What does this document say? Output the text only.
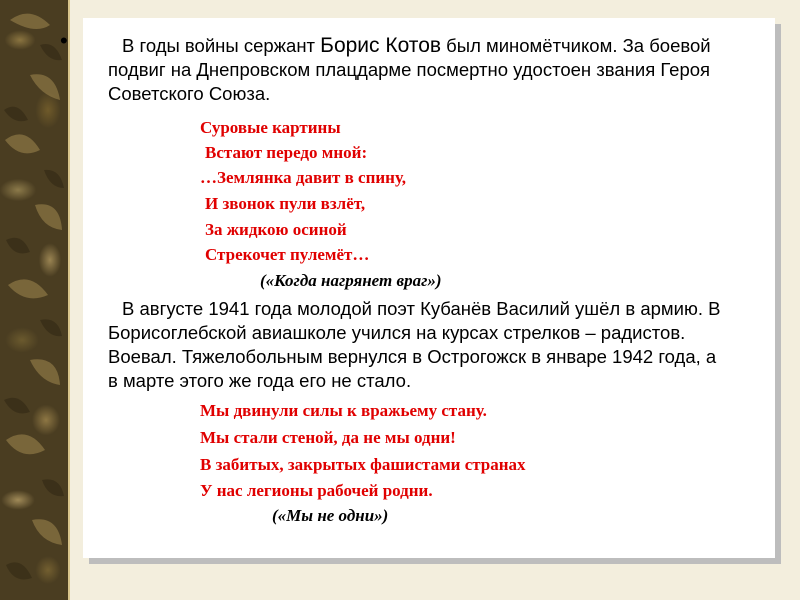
•	В годы войны сержант Борис Котов был миномётчиком. За боевой подвиг на Днепровском плацдарме посмертно удостоен звания Героя Советского Союза.

Суровые картины

Встают передо мной:

…Землянка давит в спину,

И звонок пули взлёт,

За жидкою осиной

Стрекочет пулемёт…

(«Когда нагрянет враг»)

В августе 1941 года молодой поэт Кубанёв Василий ушёл в армию. В Борисоглебской авиашколе учился на курсах стрелков – радистов. Воевал. Тяжелобольным вернулся в Острогожск в январе 1942 года, а в марте этого же года его не стало.

Мы двинули силы к вражьему стану.

Мы стали стеной, да не мы одни!

В забитых, закрытых фашистами странах

У нас легионы рабочей родни.

(«Мы не одни»)
